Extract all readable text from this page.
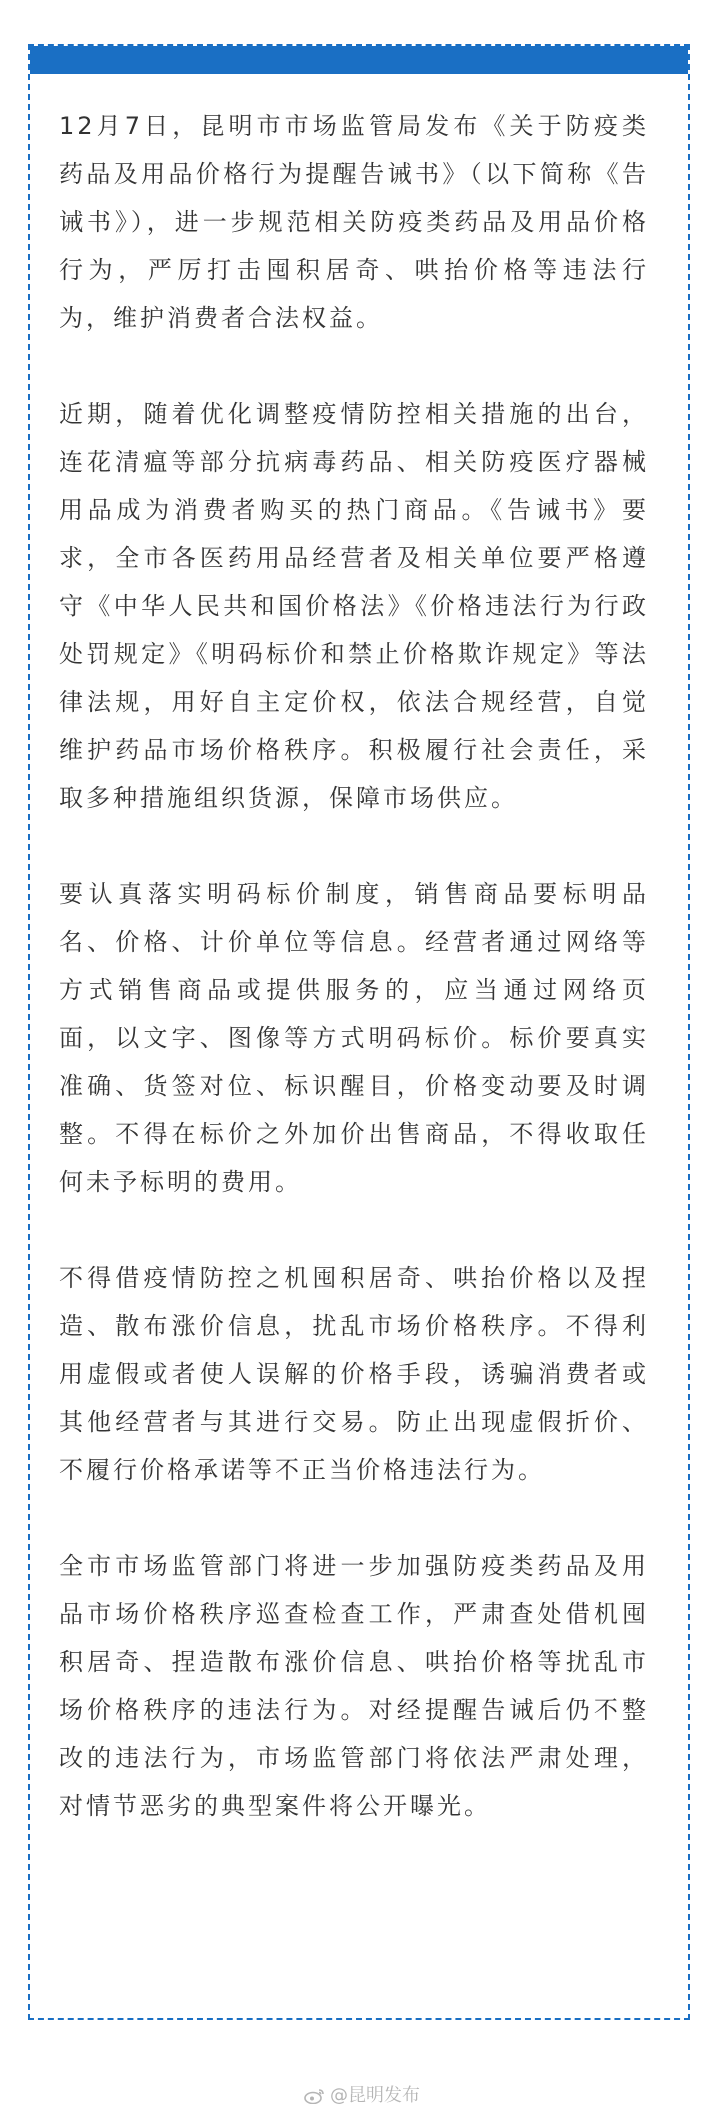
12月7日，昆明市市场监管局发布《关于防疫类药品及用品价格行为提醒告诫书》（以下简称《告诫书》），进一步规范相关防疫类药品及用品价格行为，严厉打击囤积居奇、哄抬价格等违法行为，维护消费者合法权益。

近期，随着优化调整疫情防控相关措施的出台，连花清瘟等部分抗病毒药品、相关防疫医疗器械用品成为消费者购买的热门商品。《告诫书》要求，全市各医药用品经营者及相关单位要严格遵守《中华人民共和国价格法》《价格违法行为行政处罚规定》《明码标价和禁止价格欺诈规定》等法律法规，用好自主定价权，依法合规经营，自觉维护药品市场价格秩序。积极履行社会责任，采取多种措施组织货源，保障市场供应。

要认真落实明码标价制度，销售商品要标明品名、价格、计价单位等信息。经营者通过网络等方式销售商品或提供服务的，应当通过网络页面，以文字、图像等方式明码标价。标价要真实准确、货签对位、标识醒目，价格变动要及时调整。不得在标价之外加价出售商品，不得收取任何未予标明的费用。

不得借疫情防控之机囤积居奇、哄抬价格以及捏造、散布涨价信息，扰乱市场价格秩序。不得利用虚假或者使人误解的价格手段，诱骗消费者或其他经营者与其进行交易。防止出现虚假折价、不履行价格承诺等不正当价格违法行为。

全市市场监管部门将进一步加强防疫类药品及用品市场价格秩序巡查检查工作，严肃查处借机囤积居奇、捏造散布涨价信息、哄抬价格等扰乱市场价格秩序的违法行为。对经提醒告诫后仍不整改的违法行为，市场监管部门将依法严肃处理，对情节恶劣的典型案件将公开曝光。

@昆明发布
